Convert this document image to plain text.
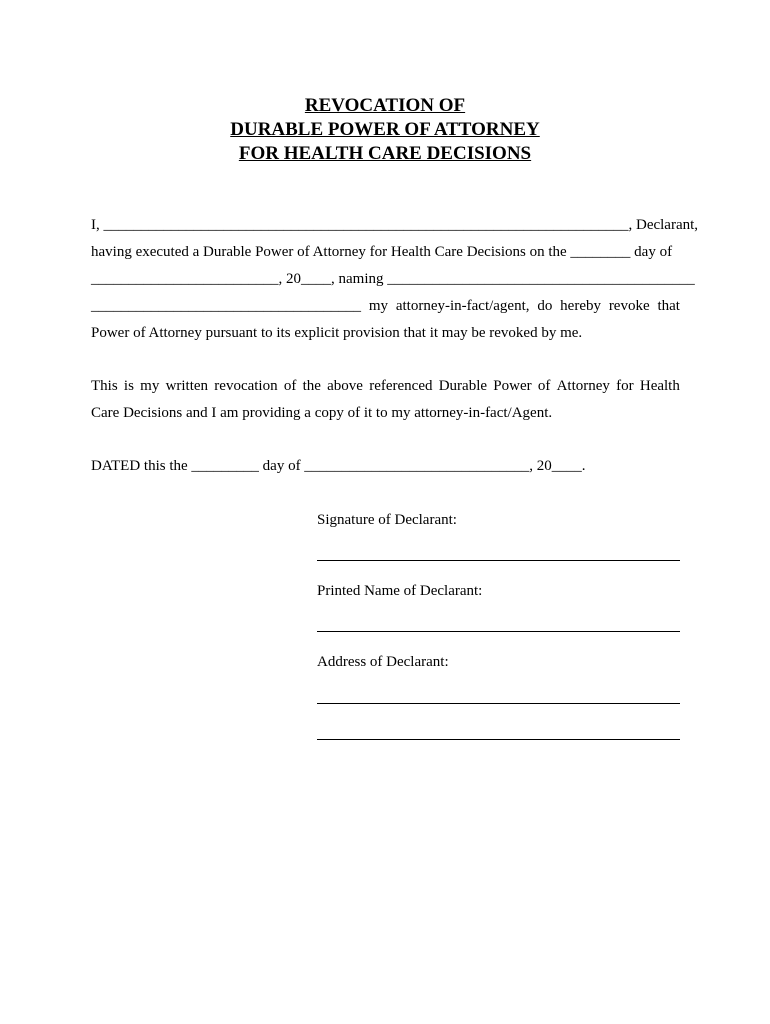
REVOCATION OF
DURABLE POWER OF ATTORNEY
FOR HEALTH CARE DECISIONS
I, ______________________________________________________________________, Declarant,
having executed a Durable Power of Attorney for Health Care Decisions on the ________ day of
_________________________, 20____, naming _________________________________________
____________________________________ my attorney-in-fact/agent, do hereby revoke that
Power of Attorney pursuant to its explicit provision that it may be revoked by me.
This is my written revocation of the above referenced Durable Power of Attorney for Health
Care Decisions and I am providing a copy of it to my attorney-in-fact/Agent.
DATED this the _________ day of ______________________________, 20____.
Signature of Declarant:
Printed Name of Declarant:
Address of Declarant:
